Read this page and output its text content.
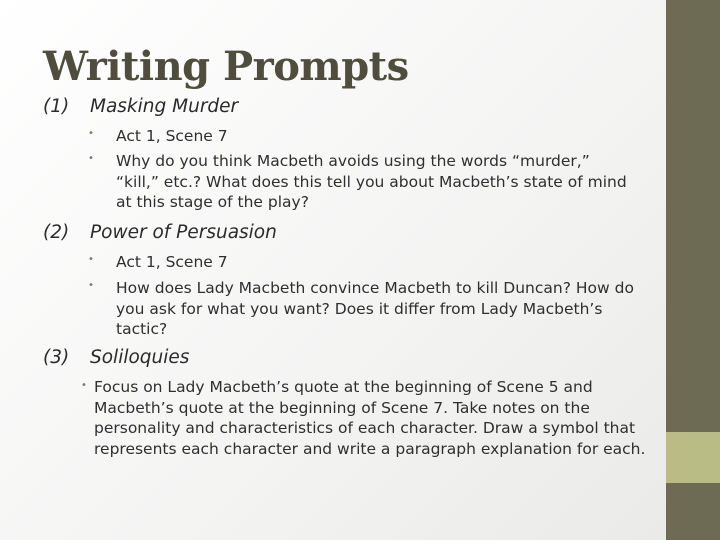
Writing Prompts
(1) Masking Murder
• Act 1, Scene 7
• Why do you think Macbeth avoids using the words “murder,” “kill,” etc.? What does this tell you about Macbeth’s state of mind at this stage of the play?
(2) Power of Persuasion
• Act 1, Scene 7
• How does Lady Macbeth convince Macbeth to kill Duncan? How do you ask for what you want? Does it differ from Lady Macbeth’s tactic?
(3) Soliloquies
• Focus on Lady Macbeth’s quote at the beginning of Scene 5 and Macbeth’s quote at the beginning of Scene 7. Take notes on the personality and characteristics of each character. Draw a symbol that represents each character and write a paragraph explanation for each.
